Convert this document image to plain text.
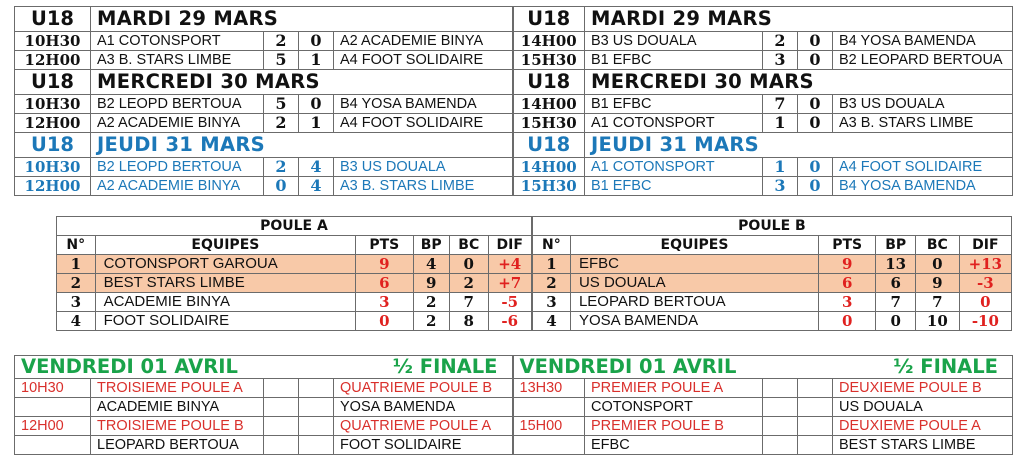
U18	MARDI 29 MARS				U18	MARDI 29 MARS			
10H30	A1 COTONSPORT	2	0	A2 ACADEMIE BINYA	14H00	B3 US DOUALA	2	0	B4 YOSA BAMENDA
12H00	A3 B. STARS LIMBE	5	1	A4 FOOT SOLIDAIRE	15H30	B1 EFBC	3	0	B2 LEOPARD BERTOUA
U18	MERCREDI 30 MARS				U18	MERCREDI 30 MARS			
10H30	B2 LEOPD BERTOUA	5	0	B4 YOSA BAMENDA	14H00	B1 EFBC	7	0	B3 US DOUALA
12H00	A2 ACADEMIE BINYA	2	1	A4 FOOT SOLIDAIRE	15H30	A1 COTONSPORT	1	0	A3 B. STARS LIMBE
U18	JEUDI 31 MARS				U18	JEUDI 31 MARS			
10H30	B2 LEOPD BERTOUA	2	4	B3 US DOUALA	14H00	A1 COTONSPORT	1	0	A4 FOOT SOLIDAIRE
12H00	A2 ACADEMIE BINYA	0	4	A3 B. STARS LIMBE	15H30	B1 EFBC	3	0	B4 YOSA BAMENDA
POULE A						POULE B					
N°	EQUIPES	PTS	BP	BC	DIF	N°	EQUIPES	PTS	BP	BC	DIF
1	COTONSPORT GAROUA	9	4	0	+4	1	EFBC	9	13	0	+13
2	BEST STARS LIMBE	6	9	2	+7	2	US DOUALA	6	6	9	-3
3	ACADEMIE BINYA	3	2	7	-5	3	LEOPARD BERTOUA	3	7	7	0
4	FOOT SOLIDAIRE	0	2	8	-6	4	YOSA BAMENDA	0	0	10	-10
VENDREDI 01 AVRIL			½ FINALE		VENDREDI 01 AVRIL			½ FINALE	
10H30	TROISIEME POULE A			QUATRIEME POULE B	13H30	PREMIER POULE A			DEUXIEME POULE B
	ACADEMIE BINYA			YOSA BAMENDA		COTONSPORT			US DOUALA
12H00	TROISIEME POULE B			QUATRIEME POULE A	15H00	PREMIER POULE B			DEUXIEME POULE A
	LEOPARD BERTOUA			FOOT SOLIDAIRE		EFBC			BEST STARS LIMBE
